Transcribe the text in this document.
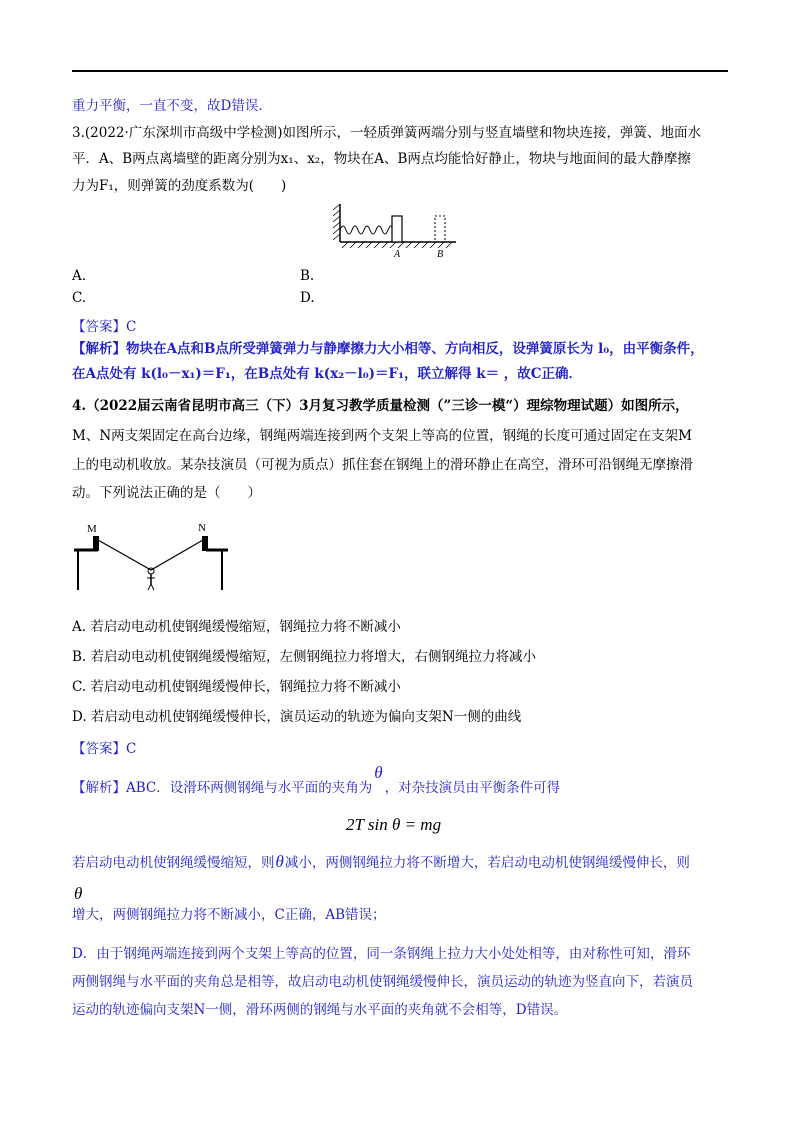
重力平衡，一直不变，故D错误．
3.(2022·广东深圳市高级中学检测)如图所示，一轻质弹簧两端分别与竖直墙壁和物块连接，弹簧、地面水
平．A、B两点离墙壁的距离分别为x₁、x₂，物块在A、B两点均能恰好静止，物块与地面间的最大静摩擦
力为F₁，则弹簧的劲度系数为(　　)
A	B
A.	B.
C.	D.
【答案】C
【解析】物块在A点和B点所受弹簧弹力与静摩擦力大小相等、方向相反，设弹簧原长为 l₀，由平衡条件，
在A点处有 k(l₀－x₁)＝F₁，在B点处有 k(x₂－l₀)＝F₁，联立解得 k＝ ，故C正确．
4.（2022届云南省昆明市高三（下）3月复习教学质量检测（”三诊一模“）理综物理试题）如图所示，
M、N两支架固定在高台边缘，钢绳两端连接到两个支架上等高的位置，钢绳的长度可通过固定在支架M
上的电动机收放。某杂技演员（可视为质点）抓住套在钢绳上的滑环静止在高空，滑环可沿钢绳无摩擦滑
动。下列说法正确的是（　　）
M	N
A. 若启动电动机使钢绳缓慢缩短，钢绳拉力将不断减小
B. 若启动电动机使钢绳缓慢缩短，左侧钢绳拉力将增大，右侧钢绳拉力将减小
C. 若启动电动机使钢绳缓慢伸长，钢绳拉力将不断减小
D. 若启动电动机使钢绳缓慢伸长，演员运动的轨迹为偏向支架N一侧的曲线
【答案】C
【解析】ABC．设滑环两侧钢绳与水平面的夹角为θ，对杂技演员由平衡条件可得
2T sin θ = mg
若启动电动机使钢绳缓慢缩短，则θ减小，两侧钢绳拉力将不断增大，若启动电动机使钢绳缓慢伸长，则
θ
增大，两侧钢绳拉力将不断减小，C正确，AB错误；
D．由于钢绳两端连接到两个支架上等高的位置，同一条钢绳上拉力大小处处相等，由对称性可知，滑环
两侧钢绳与水平面的夹角总是相等，故启动电动机使钢绳缓慢伸长，演员运动的轨迹为竖直向下，若演员
运动的轨迹偏向支架N一侧，滑环两侧的钢绳与水平面的夹角就不会相等，D错误。
